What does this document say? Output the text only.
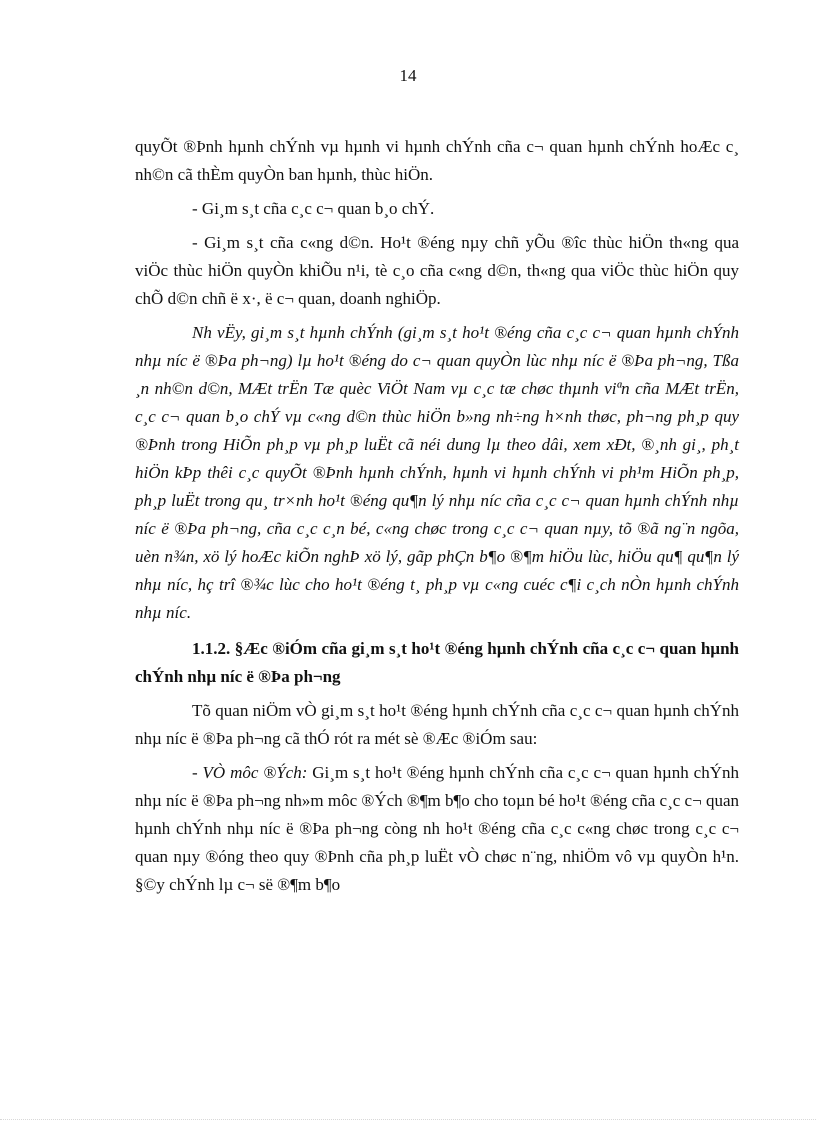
14

quyÕt ®Þnh hµnh chÝnh vµ hµnh vi hµnh chÝnh cña c¬ quan hµnh chÝnh hoÆc c¸ nh©n cã thÈm quyÒn ban hµnh, thùc hiÖn.

- Gi¸m s¸t cña c¸c c¬ quan b¸o chÝ.

- Gi¸m s¸t cña c«ng d©n. Ho¹t ®éng nµy chñ yÕu ®îc thùc hiÖn th«ng qua viÖc thùc hiÖn quyÒn khiÕu n¹i, tè c¸o cña c«ng d©n, th«ng qua viÖc thùc hiÖn quy chÕ d©n chñ ë x·, ë c¬ quan, doanh nghiÖp.

Nh vËy, gi¸m s¸t hµnh chÝnh (gi¸m s¸t ho¹t ®éng cña c¸c c¬ quan hµnh chÝnh nhµ níc ë ®Þa ph¬ng) lµ ho¹t ®éng do c¬ quan quyÒn lùc nhµ níc ë ®Þa ph¬ng, Tßa ¸n nh©n d©n, MÆt trËn Tæ quèc ViÖt Nam vµ c¸c tæ chøc thµnh viªn cña MÆt trËn, c¸c c¬ quan b¸o chÝ vµ c«ng d©n thùc hiÖn b»ng nh÷ng h×nh thøc, ph¬ng ph¸p quy ®Þnh trong HiÕn ph¸p vµ ph¸p luËt cã néi dung lµ theo dâi, xem xÐt, ®¸nh gi¸, ph¸t hiÖn kÞp thêi c¸c quyÕt ®Þnh hµnh chÝnh, hµnh vi hµnh chÝnh vi ph¹m HiÕn ph¸p, ph¸p luËt trong qu¸ tr×nh ho¹t ®éng qu¶n lý nhµ níc cña c¸c c¬ quan hµnh chÝnh nhµ níc ë ®Þa ph¬ng, cña c¸c c¸n bé, c«ng chøc trong c¸c c¬ quan nµy, tõ ®ã ng¨n ngõa, uèn n¾n, xö lý hoÆc kiÕn nghÞ xö lý, gãp phÇn b¶o ®¶m hiÖu lùc, hiÖu qu¶ qu¶n lý nhµ níc, hç trî ®¾c lùc cho ho¹t ®éng t¸ ph¸p vµ c«ng cuéc c¶i c¸ch nÒn hµnh chÝnh nhµ níc.

1.1.2. §Æc ®iÓm cña gi¸m s¸t ho¹t ®éng hµnh chÝnh cña c¸c c¬ quan hµnh chÝnh nhµ níc ë ®Þa ph¬ng

Tõ quan niÖm vÒ gi¸m s¸t ho¹t ®éng hµnh chÝnh cña c¸c c¬ quan hµnh chÝnh nhµ níc ë ®Þa ph¬ng cã thÓ rót ra mét sè ®Æc ®iÓm sau:

- VÒ môc ®Ých: Gi¸m s¸t ho¹t ®éng hµnh chÝnh cña c¸c c¬ quan hµnh chÝnh nhµ níc ë ®Þa ph¬ng nh»m môc ®Ých ®¶m b¶o cho toµn bé ho¹t ®éng cña c¸c c¬ quan hµnh chÝnh nhµ níc ë ®Þa ph¬ng còng nh ho¹t ®éng cña c¸c c«ng chøc trong c¸c c¬ quan nµy ®óng theo quy ®Þnh cña ph¸p luËt vÒ chøc n¨ng, nhiÖm vô vµ quyÒn h¹n. §©y chÝnh lµ c¬ së ®¶m b¶o
